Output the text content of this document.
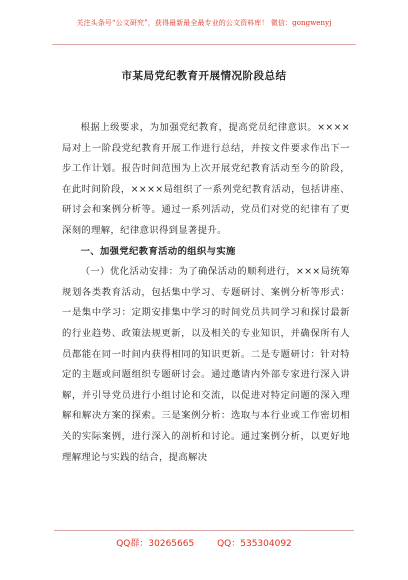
关注头条号“公文研究”，获得最新最全最专业的公文资料库！ 微信：gongwenyj
市某局党纪教育开展情况阶段总结

根据上级要求，为加强党纪教育，提高党员纪律意识。××××局对上一阶段党纪教育开展工作进行总结，并按文件要求作出下一步工作计划。报告时间范围为上次开展党纪教育活动至今的阶段，在此时间阶段，××××局组织了一系列党纪教育活动，包括讲座、研讨会和案例分析等。通过一系列活动，党员们对党的纪律有了更深刻的理解，纪律意识得到显著提升。

一、加强党纪教育活动的组织与实施

（一）优化活动安排：为了确保活动的顺利进行，×××局统筹规划各类教育活动，包括集中学习、专题研讨、案例分析等形式：一是集中学习：定期安排集中学习的时间党员共同学习和探讨最新的行业趋势、政策法规更新，以及相关的专业知识，并确保所有人员都能在同一时间内获得相同的知识更新。二是专题研讨：针对特定的主题或问题组织专题研讨会。通过邀请内外部专家进行深入讲解，并引导党员进行小组讨论和交流，以促进对特定问题的深入理解和解决方案的探索。三是案例分析：选取与本行业或工作密切相关的实际案例，进行深入的剖析和讨论。通过案例分析，以更好地理解理论与实践的结合，提高解决

QQ群：30265665	QQ：535304092
